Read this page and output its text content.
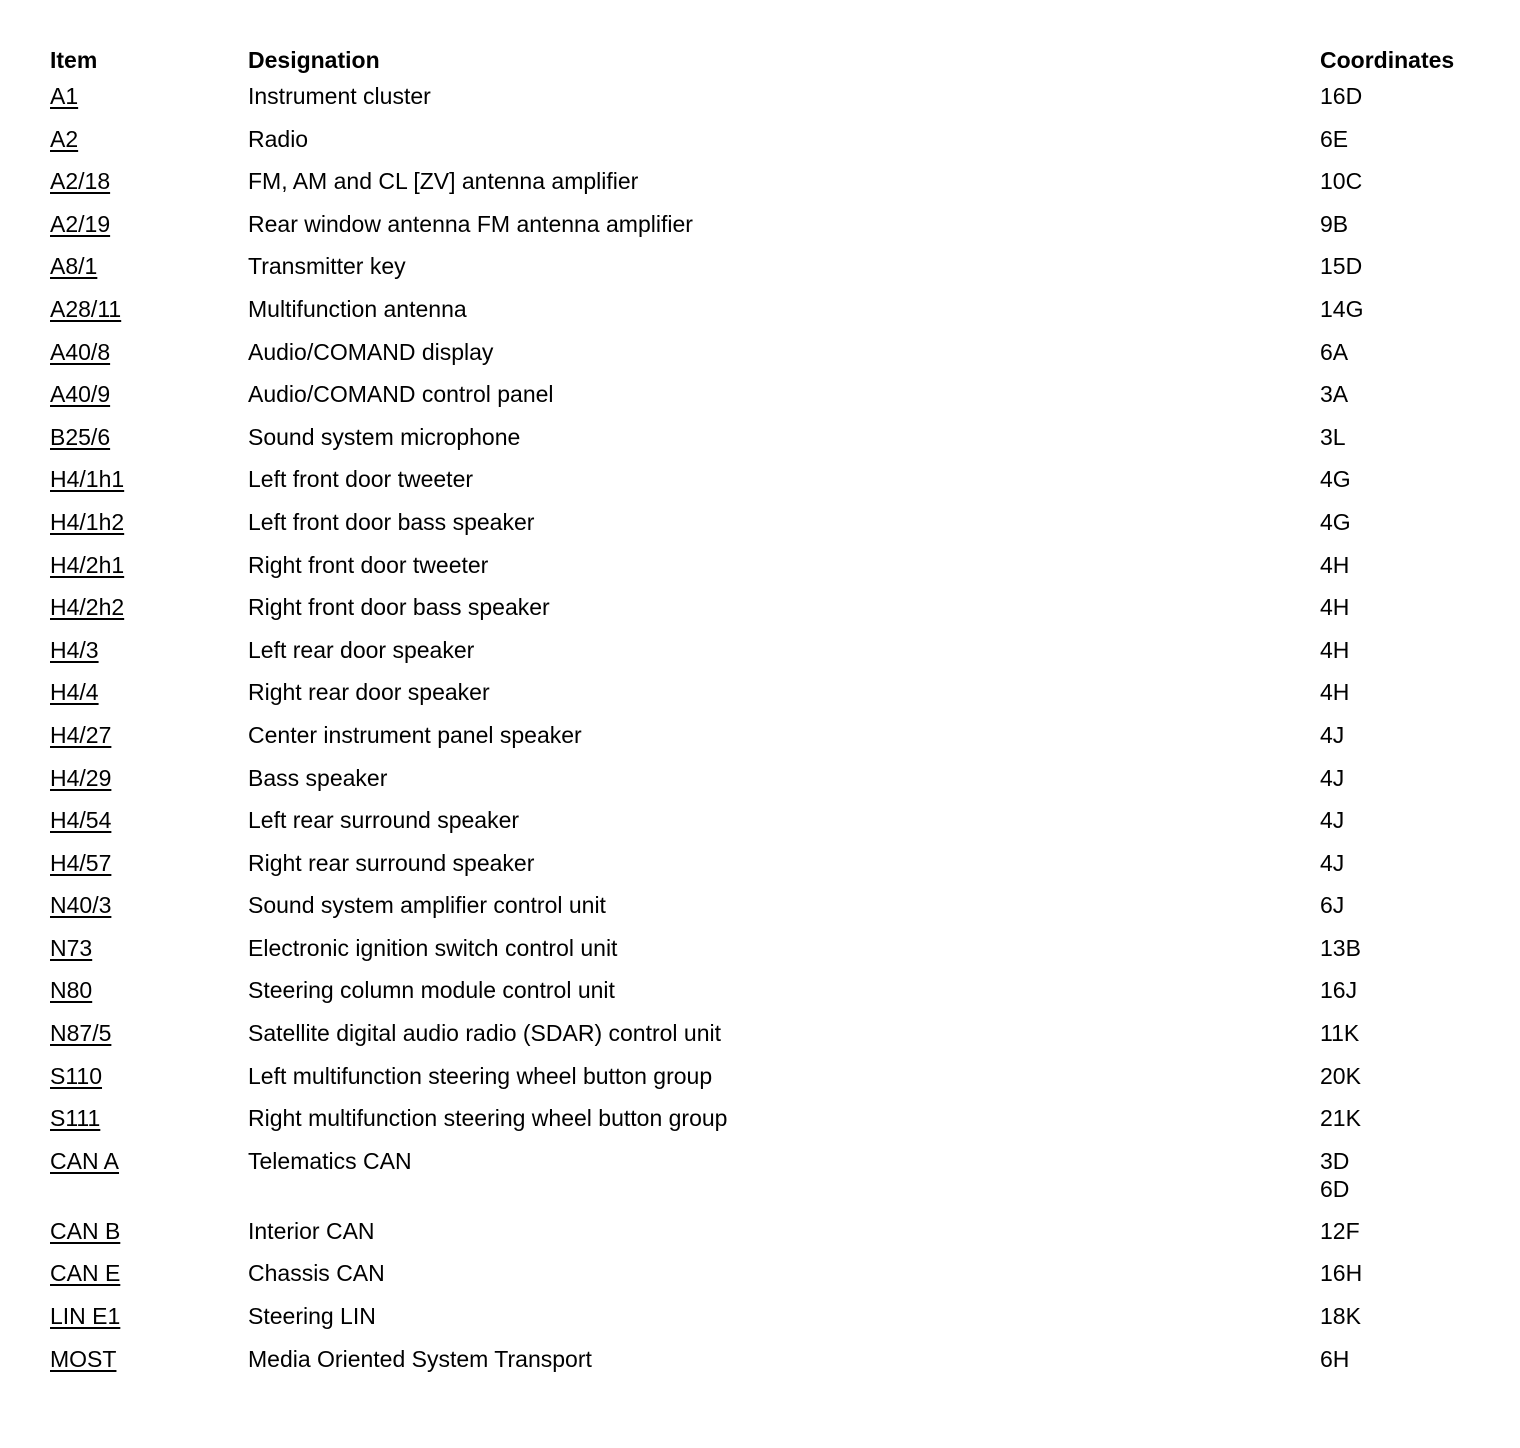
Item	Designation	Coordinates
A1	Instrument cluster	16D
A2	Radio	6E
A2/18	FM, AM and CL [ZV] antenna amplifier	10C
A2/19	Rear window antenna FM antenna amplifier	9B
A8/1	Transmitter key	15D
A28/11	Multifunction antenna	14G
A40/8	Audio/COMAND display	6A
A40/9	Audio/COMAND control panel	3A
B25/6	Sound system microphone	3L
H4/1h1	Left front door tweeter	4G
H4/1h2	Left front door bass speaker	4G
H4/2h1	Right front door tweeter	4H
H4/2h2	Right front door bass speaker	4H
H4/3	Left rear door speaker	4H
H4/4	Right rear door speaker	4H
H4/27	Center instrument panel speaker	4J
H4/29	Bass speaker	4J
H4/54	Left rear surround speaker	4J
H4/57	Right rear surround speaker	4J
N40/3	Sound system amplifier control unit	6J
N73	Electronic ignition switch control unit	13B
N80	Steering column module control unit	16J
N87/5	Satellite digital audio radio (SDAR) control unit	11K
S110	Left multifunction steering wheel button group	20K
S111	Right multifunction steering wheel button group	21K
CAN A	Telematics CAN	3D
6D
CAN B	Interior CAN	12F
CAN E	Chassis CAN	16H
LIN E1	Steering LIN	18K
MOST	Media Oriented System Transport	6H
